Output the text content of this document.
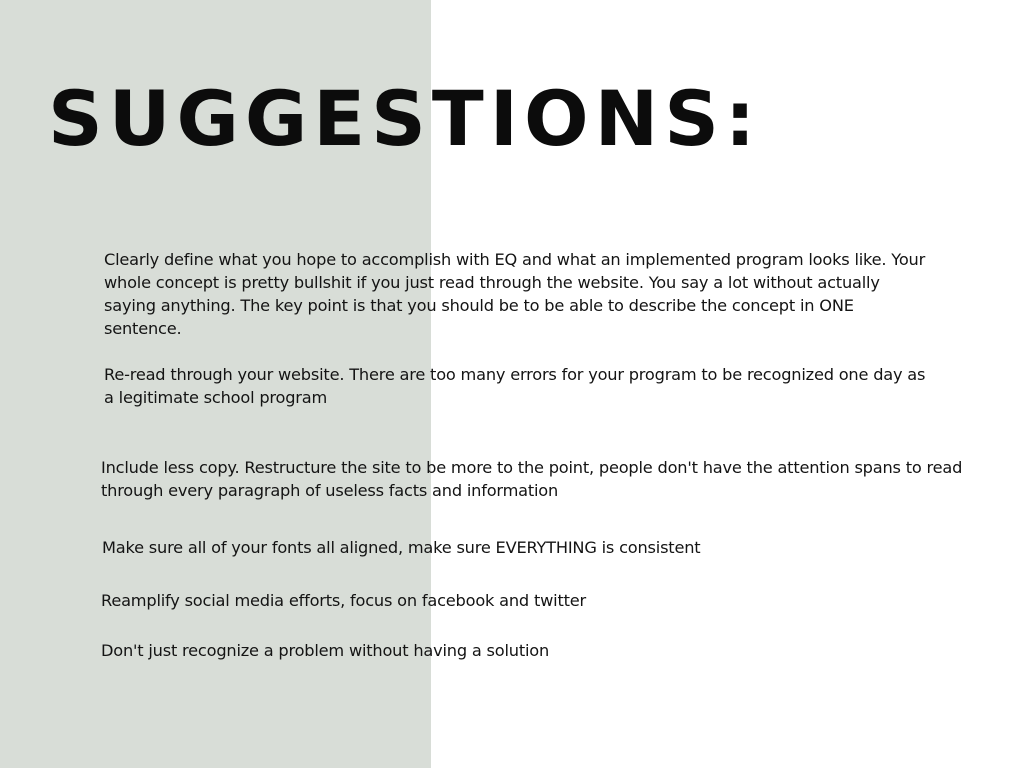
SUGGESTIONS:

Clearly define what you hope to accomplish with EQ and what an implemented program looks like. Your whole concept is pretty bullshit if you just read through the website. You say a lot without actually saying anything. The key point is that you should be to be able to describe the concept in ONE sentence.

Re-read through your website. There are too many errors for your program to be recognized one day as a legitimate school program

Include less copy. Restructure the site to be more to the point, people don't have the attention spans to read through every paragraph of useless facts and information

Make sure all of your fonts all aligned, make sure EVERYTHING is consistent

Reamplify social media efforts, focus on facebook and twitter

Don't just recognize a problem without having a solution
